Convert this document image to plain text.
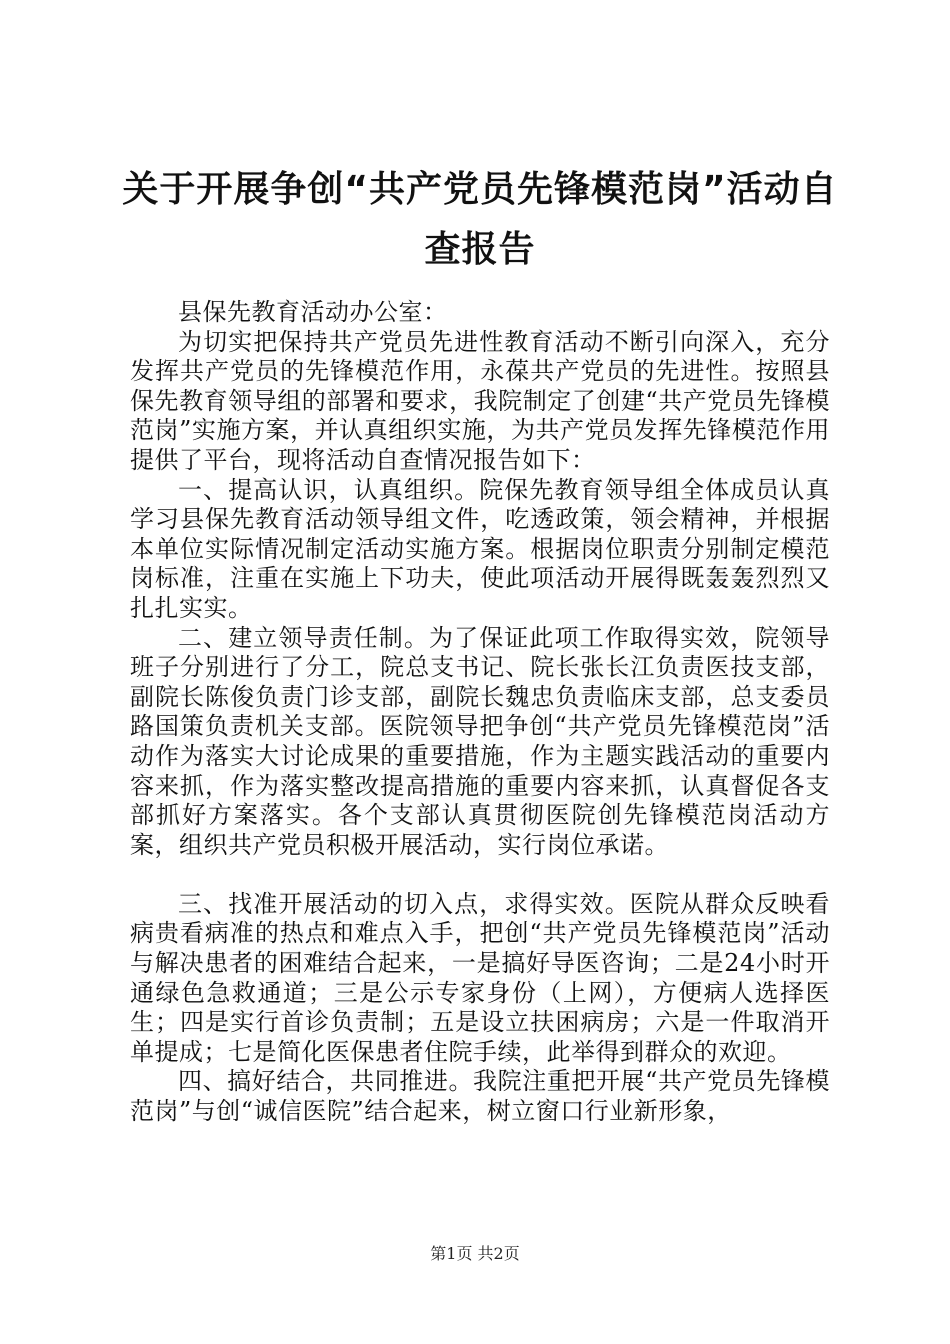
关于开展争创“共产党员先锋模范岗”活动自
查报告

县保先教育活动办公室：

为切实把保持共产党员先进性教育活动不断引向深入，充分发挥共产党员的先锋模范作用，永葆共产党员的先进性。按照县保先教育领导组的部署和要求，我院制定了创建“共产党员先锋模范岗”实施方案，并认真组织实施，为共产党员发挥先锋模范作用提供了平台，现将活动自查情况报告如下：

一、提高认识，认真组织。院保先教育领导组全体成员认真学习县保先教育活动领导组文件，吃透政策，领会精神，并根据本单位实际情况制定活动实施方案。根据岗位职责分别制定模范岗标准，注重在实施上下功夫，使此项活动开展得既轰轰烈烈又扎扎实实。

二、建立领导责任制。为了保证此项工作取得实效，院领导班子分别进行了分工，院总支书记、院长张长江负责医技支部，副院长陈俊负责门诊支部，副院长魏忠负责临床支部，总支委员路国策负责机关支部。医院领导把争创“共产党员先锋模范岗”活动作为落实大讨论成果的重要措施，作为主题实践活动的重要内容来抓，作为落实整改提高措施的重要内容来抓，认真督促各支部抓好方案落实。各个支部认真贯彻医院创先锋模范岗活动方案，组织共产党员积极开展活动，实行岗位承诺。

三、找准开展活动的切入点，求得实效。医院从群众反映看病贵看病准的热点和难点入手，把创“共产党员先锋模范岗”活动与解决患者的困难结合起来，一是搞好导医咨询；二是24小时开通绿色急救通道；三是公示专家身份（上网），方便病人选择医生；四是实行首诊负责制；五是设立扶困病房；六是一件取消开单提成；七是简化医保患者住院手续，此举得到群众的欢迎。

四、搞好结合，共同推进。我院注重把开展“共产党员先锋模范岗”与创“诚信医院”结合起来，树立窗口行业新形象，

第1页 共2页
